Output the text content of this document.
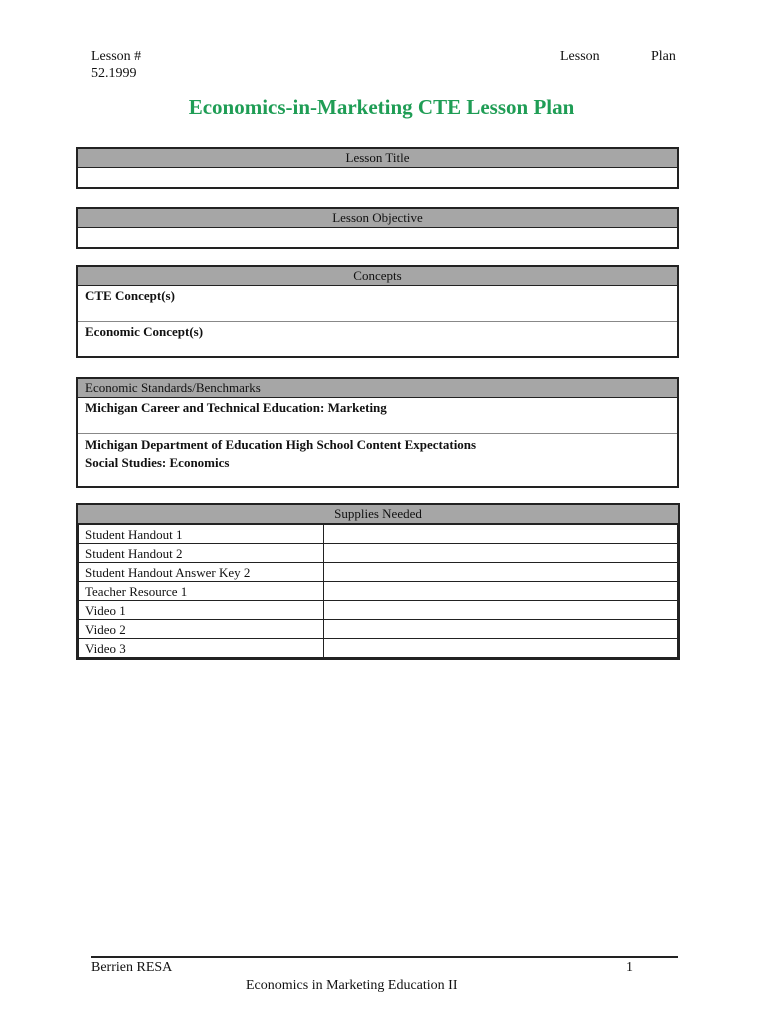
Lesson #
52.1999
Lesson	Plan
Economics-in-Marketing CTE Lesson Plan
Lesson Title
Lesson Objective
Concepts
CTE Concept(s)
Economic Concept(s)
Economic Standards/Benchmarks
Michigan Career and Technical Education: Marketing
Michigan Department of Education High School Content Expectations
Social Studies: Economics
Supplies Needed
Student Handout 1	
Student Handout 2	
Student Handout Answer Key 2	
Teacher Resource 1	
Video 1	
Video 2	
Video 3	
Berrien RESA	1
Economics in Marketing Education II
